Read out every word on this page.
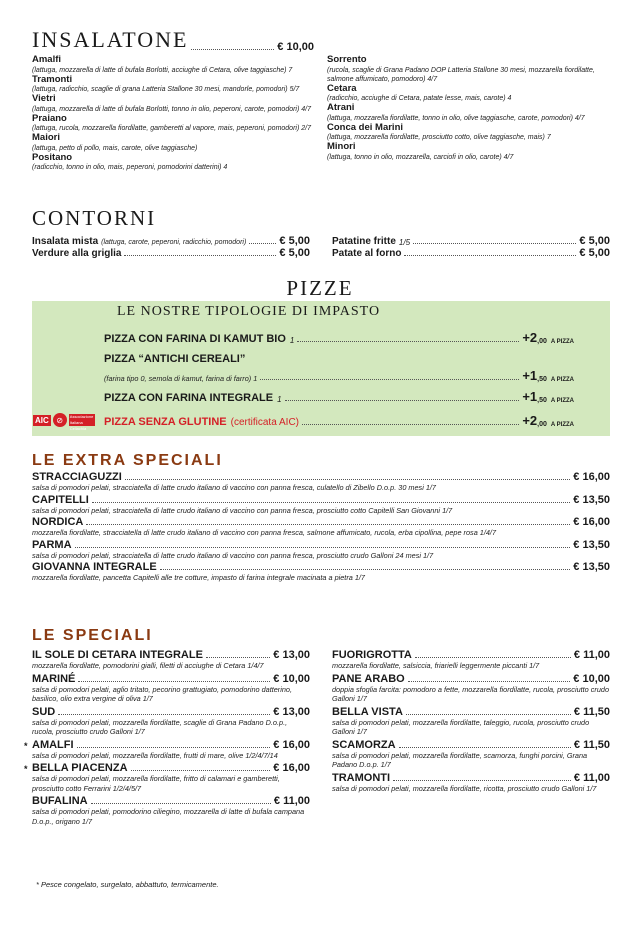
INSALATONE	€ 10,00
Amalfi
(lattuga, mozzarella di latte di bufala Borlotti, acciughe di Cetara, olive taggiasche) 7
Tramonti
(lattuga, radicchio, scaglie di grana Latteria Stallone 30 mesi, mandorle, pomodori) 5/7
Vietri
(lattuga, mozzarella di latte di bufala Borlotti, tonno in olio, peperoni, carote, pomodori) 4/7
Praiano
(lattuga, rucola, mozzarella fiordilatte, gamberetti al vapore, mais, peperoni, pomodori) 2/7
Maiori
(lattuga, petto di pollo, mais, carote, olive taggiasche)
Positano
(radicchio, tonno in olio, mais, peperoni, pomodorini datterini) 4
Sorrento
(rucola, scaglie di Grana Padano DOP Latteria Stallone 30 mesi, mozzarella fiordilatte, salmone affumicato, pomodoro) 4/7
Cetara
(radicchio, acciughe di Cetara, patate lesse, mais, carote) 4
Atrani
(lattuga, mozzarella fiordilatte, tonno in olio, olive taggiasche, carote, pomodori) 4/7
Conca dei Marini
(lattuga, mozzarella fiordilatte, prosciutto cotto, olive taggiasche, mais) 7
Minori
(lattuga, tonno in olio, mozzarella, carciofi in olio, carote) 4/7
CONTORNI
Insalata mista (lattuga, carote, peperoni, radicchio, pomodori)	€ 5,00
Verdure alla griglia	€ 5,00
Patatine fritte 1/5	€ 5,00
Patate al forno	€ 5,00
PIZZE
LE NOSTRE TIPOLOGIE DI IMPASTO
PIZZA CON FARINA DI KAMUT BIO 1	+2 ,00 A PIZZA
PIZZA “ANTICHI CEREALI”
(farina tipo 0, semola di kamut, farina di farro) 1	+1 ,50 A PIZZA
PIZZA CON FARINA INTEGRALE 1	+1 ,50 A PIZZA
AIC ⊘	Associazione Italiana Celiachia
PIZZA SENZA GLUTINE (certificata AIC)	+2 ,00 A PIZZA
LE EXTRA SPECIALI
STRACCIAGUZZI	€ 16,00
salsa di pomodori pelati, stracciatella di latte crudo italiano di vaccino con panna fresca, culatello di Zibello D.o.p. 30 mesi 1/7
CAPITELLI	€ 13,50
salsa di pomodori pelati, stracciatella di latte crudo italiano di vaccino con panna fresca, prosciutto cotto Capitelli San Giovanni 1/7
NORDICA	€ 16,00
mozzarella fiordilatte, stracciatella di latte crudo italiano di vaccino con panna fresca, salmone affumicato, rucola, erba cipollina, pepe rosa 1/4/7
PARMA	€ 13,50
salsa di pomodori pelati, stracciatella di latte crudo italiano di vaccino con panna fresca, prosciutto crudo Galloni 24 mesi 1/7
GIOVANNA INTEGRALE	€ 13,50
mozzarella fiordilatte, pancetta Capitelli alle tre cotture, impasto di farina integrale macinata a pietra 1/7
LE SPECIALI
IL SOLE DI CETARA INTEGRALE	€ 13,00
mozzarella fiordilatte, pomodorini gialli, filetti di acciughe di Cetara 1/4/7
MARINÉ	€ 10,00
salsa di pomodori pelati, aglio tritato, pecorino grattugiato, pomodorino datterino, basilico, olio extra vergine di oliva 1/7
SUD	€ 13,00
salsa di pomodori pelati, mozzarella fiordilatte, scaglie di Grana Padano D.o.p., rucola, prosciutto crudo Galloni 1/7
* AMALFI	€ 16,00
salsa di pomodori pelati, mozzarella fiordilatte, frutti di mare, olive 1/2/4/7/14
* BELLA PIACENZA	€ 16,00
salsa di pomodori pelati, mozzarella fiordilatte, fritto di calamari e gamberetti, prosciutto cotto Ferrarini 1/2/4/5/7
BUFALINA	€ 11,00
salsa di pomodori pelati, pomodorino ciliegino, mozzarella di latte di bufala campana D.o.p., origano 1/7
FUORIGROTTA	€ 11,00
mozzarella fiordilatte, salsiccia, friarielli leggermente piccanti 1/7
PANE ARABO	€ 10,00
doppia sfoglia farcita: pomodoro a fette, mozzarella fiordilatte, rucola, prosciutto crudo Galloni 1/7
BELLA VISTA	€ 11,50
salsa di pomodori pelati, mozzarella fiordilatte, taleggio, rucola, prosciutto crudo Galloni 1/7
SCAMORZA	€ 11,50
salsa di pomodori pelati, mozzarella fiordilatte, scamorza, funghi porcini, Grana Padano D.o.p. 1/7
TRAMONTI	€ 11,00
salsa di pomodori pelati, mozzarella fiordilatte, ricotta, prosciutto crudo Galloni 1/7
* Pesce congelato, surgelato, abbattuto, termicamente.
